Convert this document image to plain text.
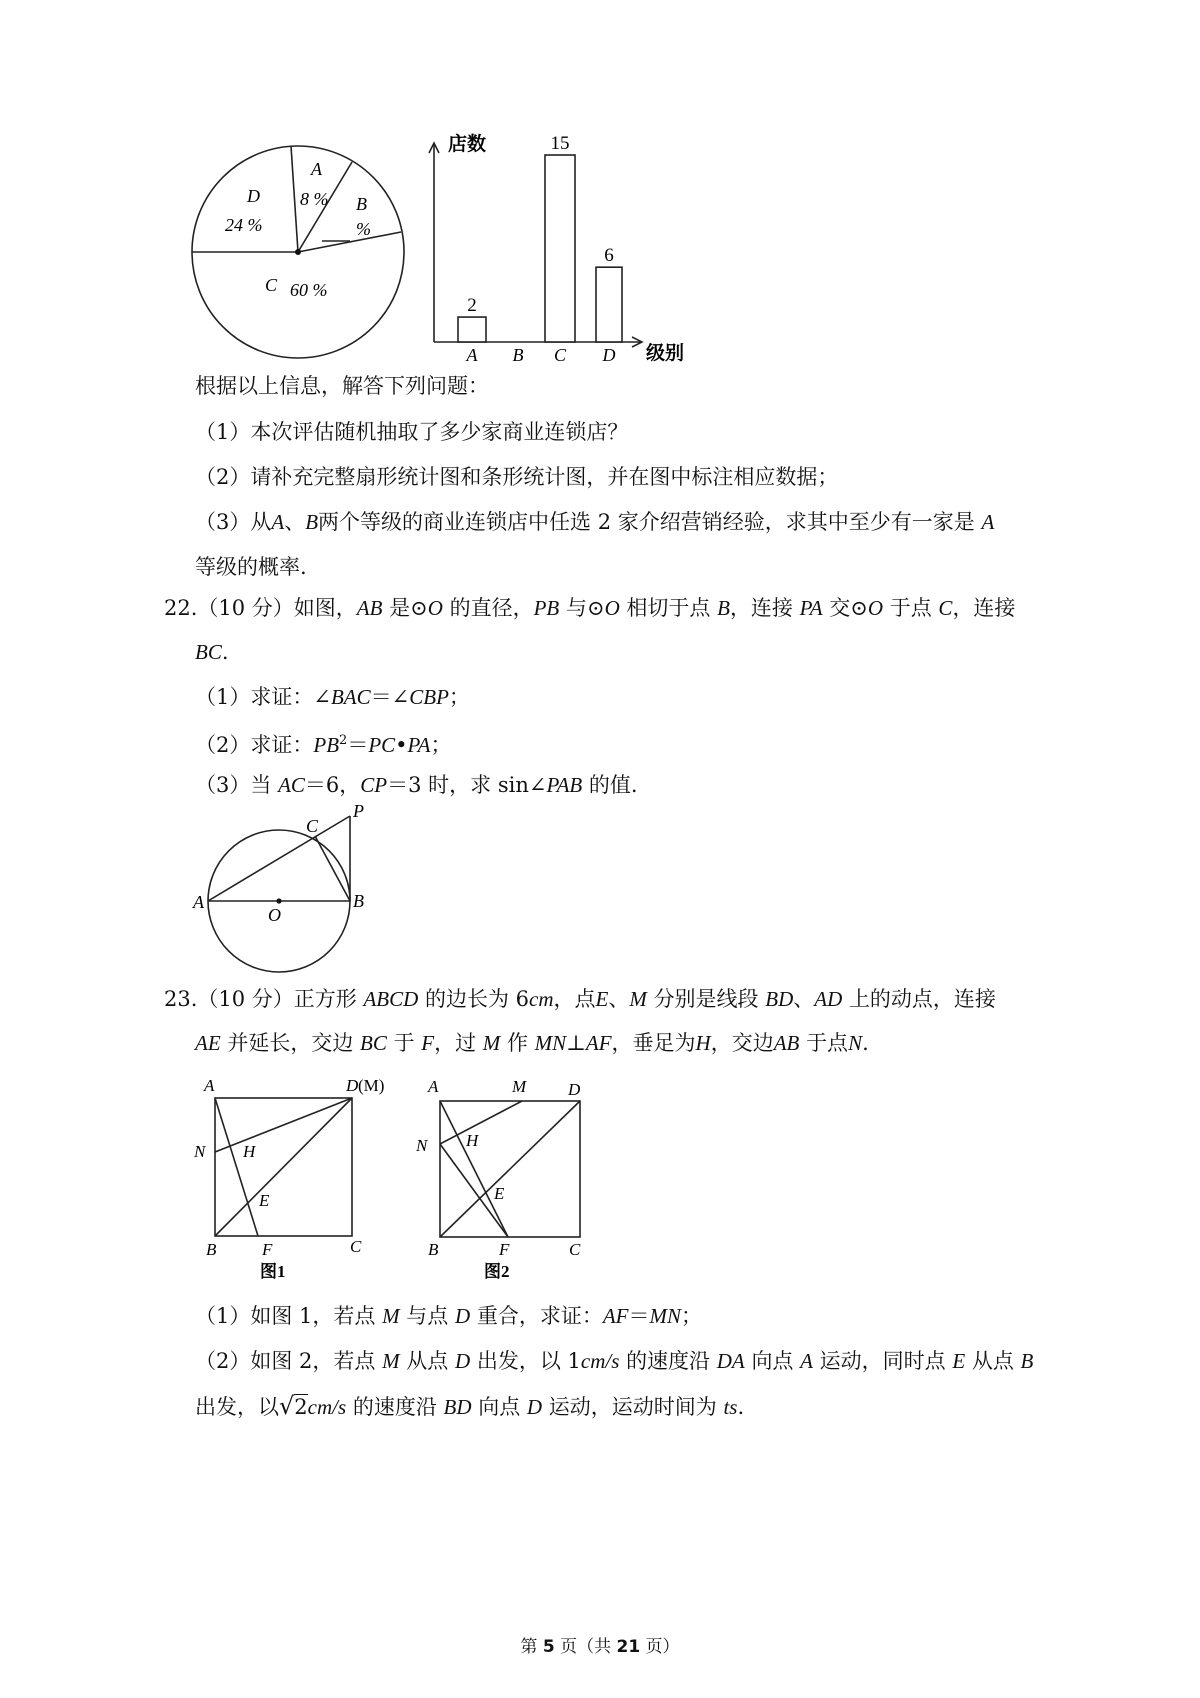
A
8 % B
%
D
24 %
C 60 %
店数
级别
2
A B
15
C
6
D
根据以上信息，解答下列问题：
（1）本次评估随机抽取了多少家商业连锁店？
（2）请补充完整扇形统计图和条形统计图，并在图中标注相应数据；
（3）从A、B两个等级的商业连锁店中任选 2 家介绍营销经验，求其中至少有一家是 A
等级的概率.
22.（10 分）如图，AB 是⊙O 的直径，PB 与⊙O 相切于点 B，连接 PA 交⊙O 于点 C，连接
BC.
（1）求证：∠BAC＝∠CBP；
（2）求证：$PB^2=PC•PA$；
（3）当 AC＝6，CP＝3 时，求 sin∠PAB 的值.
A	B
C
P
O
23.（10 分）正方形 ABCD 的边长为 6cm，点E、M 分别是线段 BD、AD 上的动点，连接
AE 并延长，交边 BC 于 F，过 M 作 MN⊥AF，垂足为H，交边AB 于点N.
A	D (M)
N H
E
B	F	C
图1
A	M D
N H
E
B	F	C
图2
（1）如图 1，若点 M 与点 D 重合，求证：AF＝MN；
（2）如图 2，若点 M 从点 D 出发，以 1cm/s 的速度沿 DA 向点 A 运动，同时点 E 从点 B
出发，以√2cm/s 的速度沿 BD 向点 D 运动，运动时间为 ts.
第 5 页（共 21 页）
